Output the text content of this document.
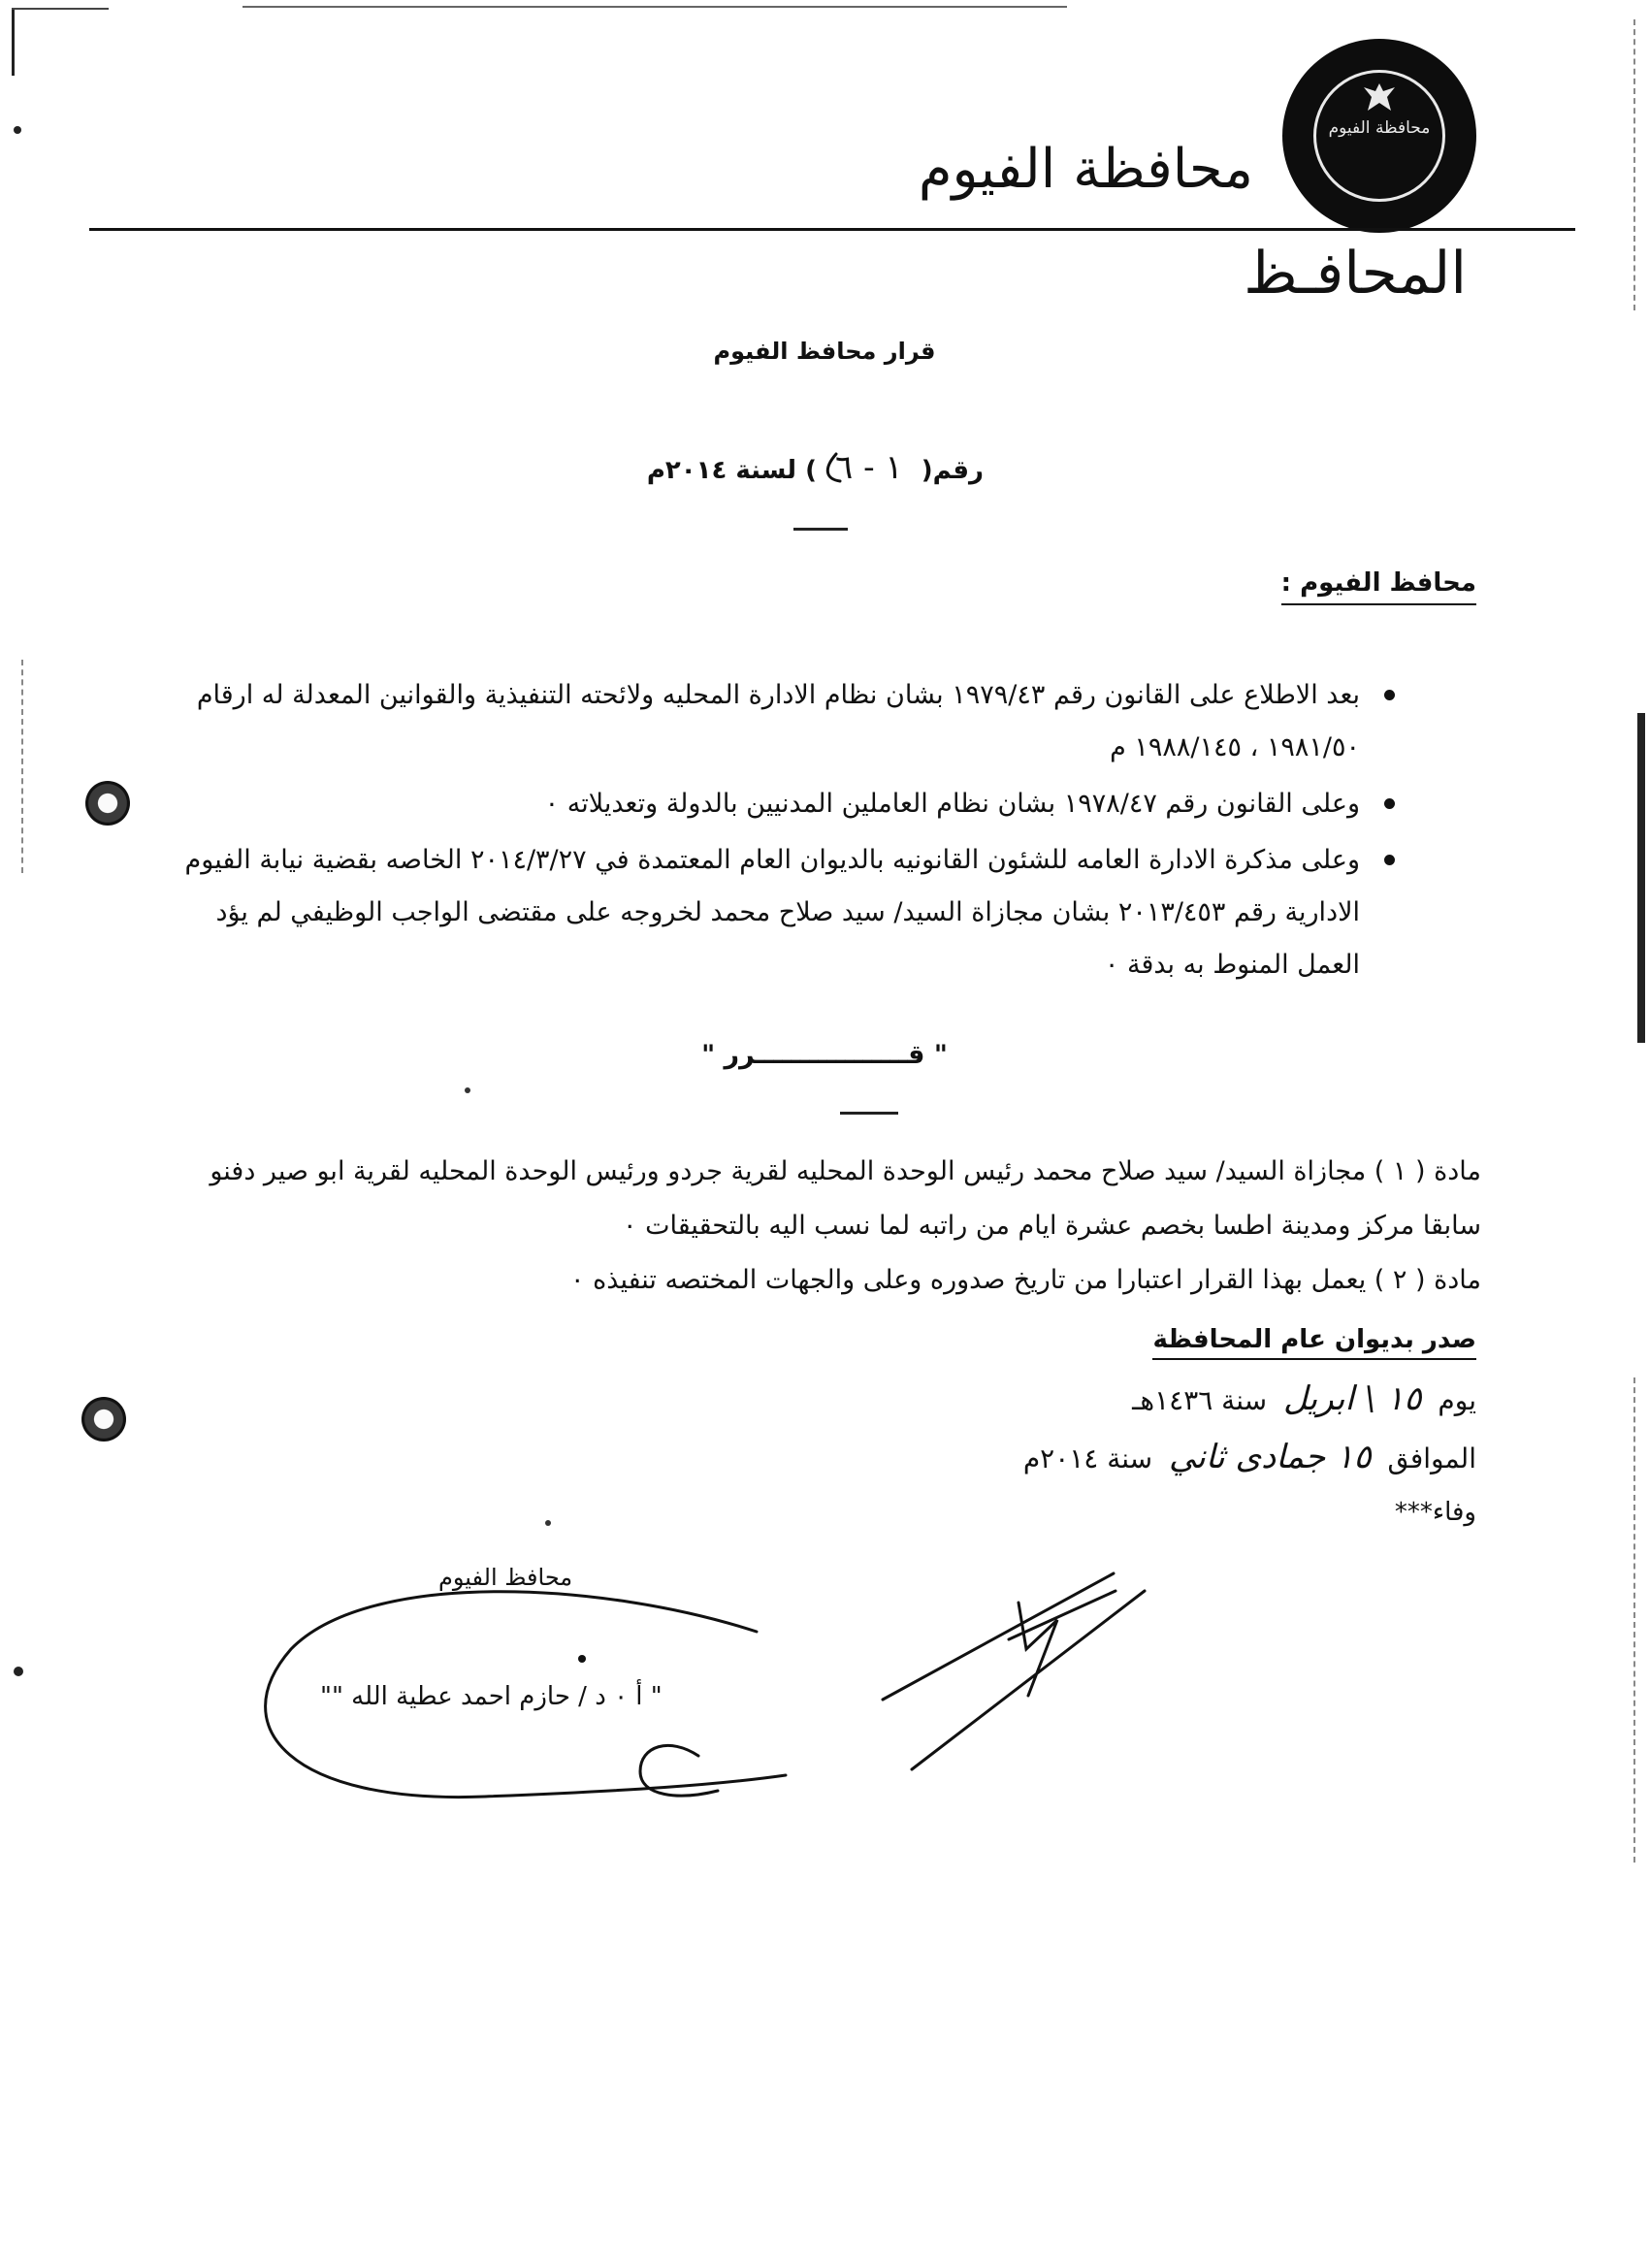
محافظة الفيوم
محافظة الفيوم
المحافـظ
قرار محافظ الفيوم
رقم( ١ - ٦ ) لسنة ٢٠١٤م
محافظ الفيوم :
بعد الاطلاع على القانون رقم ١٩٧٩/٤٣ بشان نظام الادارة المحليه ولائحته التنفيذية والقوانين المعدلة له ارقام ١٩٨١/٥٠ ، ١٩٨٨/١٤٥ م
وعلى القانون رقم ١٩٧٨/٤٧ بشان نظام العاملين المدنيين بالدولة وتعديلاته ٠
وعلى مذكرة الادارة العامه للشئون القانونيه بالديوان العام المعتمدة في ٢٠١٤/٣/٢٧ الخاصه بقضية نيابة الفيوم الادارية رقم ٢٠١٣/٤٥٣ بشان مجازاة السيد/ سيد صلاح محمد لخروجه على مقتضى الواجب الوظيفي لم يؤد العمل المنوط به بدقة ٠
" قـــــــــــــــــرر "

مادة ( ١ ) مجازاة السيد/ سيد صلاح محمد رئيس الوحدة المحليه لقرية جردو ورئيس الوحدة المحليه لقرية ابو صير دفنو سابقا مركز ومدينة اطسا بخصم عشرة ايام من راتبه لما نسب اليه بالتحقيقات ٠

مادة ( ٢ ) يعمل بهذا القرار اعتبارا من تاريخ صدوره وعلى والجهات المختصه تنفيذه ٠

صدر بديوان عام المحافظة
يوم ١٥ \ ابريل سنة ١٤٣٦هـ
الموافق ١٥ جمادى ثاني سنة ٢٠١٤م
وفاء***
محافظ الفيوم
" أ ٠ د / حازم احمد عطية الله ""
